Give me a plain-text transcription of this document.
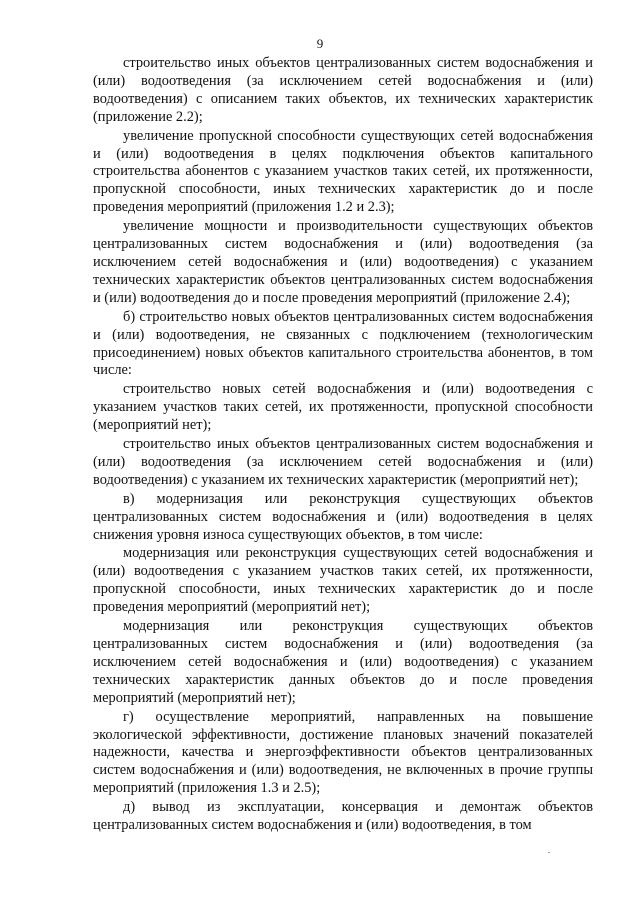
9

строительство иных объектов централизованных систем водоснабжения и (или) водоотведения (за исключением сетей водоснабжения и (или) водоотведения) с описанием таких объектов, их технических характеристик (приложение 2.2);

увеличение пропускной способности существующих сетей водоснабжения и (или) водоотведения в целях подключения объектов капитального строительства абонентов с указанием участков таких сетей, их протяженности, пропускной способности, иных технических характеристик до и после проведения мероприятий (приложения 1.2 и 2.3);

увеличение мощности и производительности существующих объектов централизованных систем водоснабжения и (или) водоотведения (за исключением сетей водоснабжения и (или) водоотведения) с указанием технических характеристик объектов централизованных систем водоснабжения и (или) водоотведения до и после проведения мероприятий (приложение 2.4);

б) строительство новых объектов централизованных систем водоснабжения и (или) водоотведения, не связанных с подключением (технологическим присоединением) новых объектов капитального строительства абонентов, в том числе:

строительство новых сетей водоснабжения и (или) водоотведения с указанием участков таких сетей, их протяженности, пропускной способности (мероприятий нет);

строительство иных объектов централизованных систем водоснабжения и (или) водоотведения (за исключением сетей водоснабжения и (или) водоотведения) с указанием их технических характеристик (мероприятий нет);

в) модернизация или реконструкция существующих объектов централизованных систем водоснабжения и (или) водоотведения в целях снижения уровня износа существующих объектов, в том числе:

модернизация или реконструкция существующих сетей водоснабжения и (или) водоотведения с указанием участков таких сетей, их протяженности, пропускной способности, иных технических характеристик до и после проведения мероприятий (мероприятий нет);

модернизация или реконструкция существующих объектов централизованных систем водоснабжения и (или) водоотведения (за исключением сетей водоснабжения и (или) водоотведения) с указанием технических характеристик данных объектов до и после проведения мероприятий (мероприятий нет);

г) осуществление мероприятий, направленных на повышение экологической эффективности, достижение плановых значений показателей надежности, качества и энергоэффективности объектов централизованных систем водоснабжения и (или) водоотведения, не включенных в прочие группы мероприятий (приложения 1.3 и 2.5);

д) вывод из эксплуатации, консервация и демонтаж объектов централизованных систем водоснабжения и (или) водоотведения, в том
